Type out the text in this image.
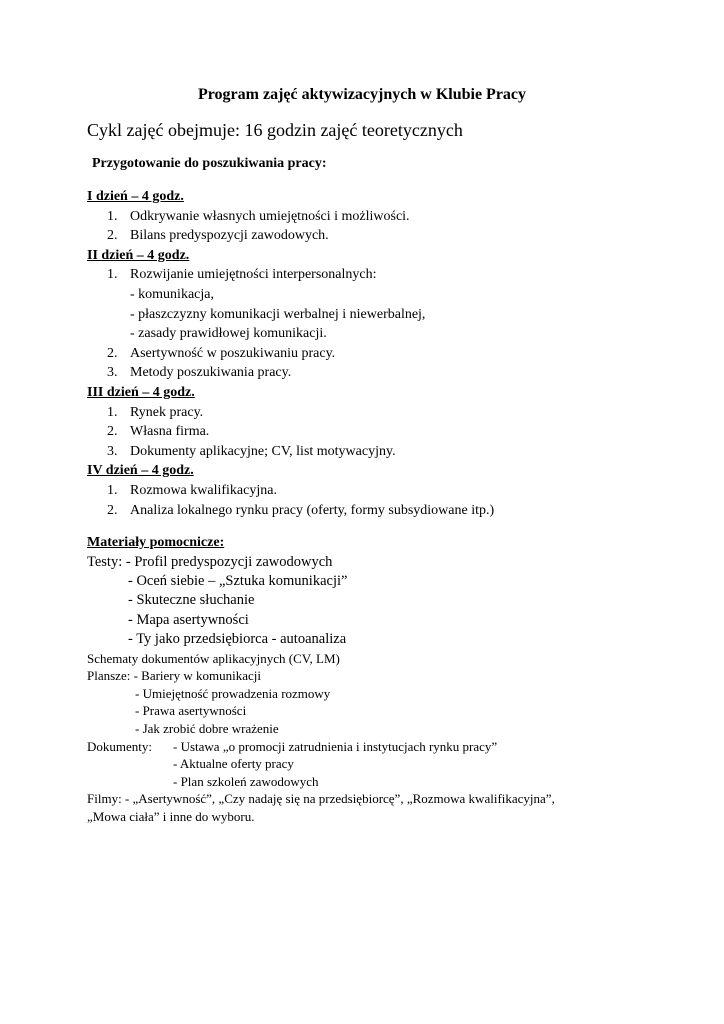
Program zajęć aktywizacyjnych w Klubie Pracy
Cykl zajęć obejmuje: 16 godzin zajęć teoretycznych
Przygotowanie do poszukiwania pracy:
I dzień – 4 godz.
1. Odkrywanie własnych umiejętności i możliwości.
2. Bilans predyspozycji zawodowych.
II dzień – 4 godz.
1. Rozwijanie umiejętności interpersonalnych:
- komunikacja,
- płaszczyzny komunikacji werbalnej i niewerbalnej,
- zasady prawidłowej komunikacji.
2. Asertywność w poszukiwaniu pracy.
3. Metody poszukiwania pracy.
III dzień – 4 godz.
1. Rynek pracy.
2. Własna firma.
3. Dokumenty aplikacyjne; CV, list motywacyjny.
IV dzień – 4 godz.
1. Rozmowa kwalifikacyjna.
2. Analiza lokalnego rynku pracy (oferty, formy subsydiowane itp.)
Materiały pomocnicze:
Testy: - Profil predyspozycji zawodowych
- Oceń siebie – „Sztuka komunikacji”
- Skuteczne słuchanie
- Mapa asertywności
- Ty jako przedsiębiorca - autoanaliza
Schematy dokumentów aplikacyjnych (CV, LM)
Plansze: - Bariery w komunikacji
- Umiejętność prowadzenia rozmowy
- Prawa asertywności
- Jak zrobić dobre wrażenie
Dokumenty: - Ustawa „o promocji zatrudnienia i instytucjach rynku pracy”
- Aktualne oferty pracy
- Plan szkoleń zawodowych
Filmy: - „Asertywność”, „Czy nadaję się na przedsiębiorcę”, „Rozmowa kwalifikacyjna”,
„Mowa ciała” i inne do wyboru.
